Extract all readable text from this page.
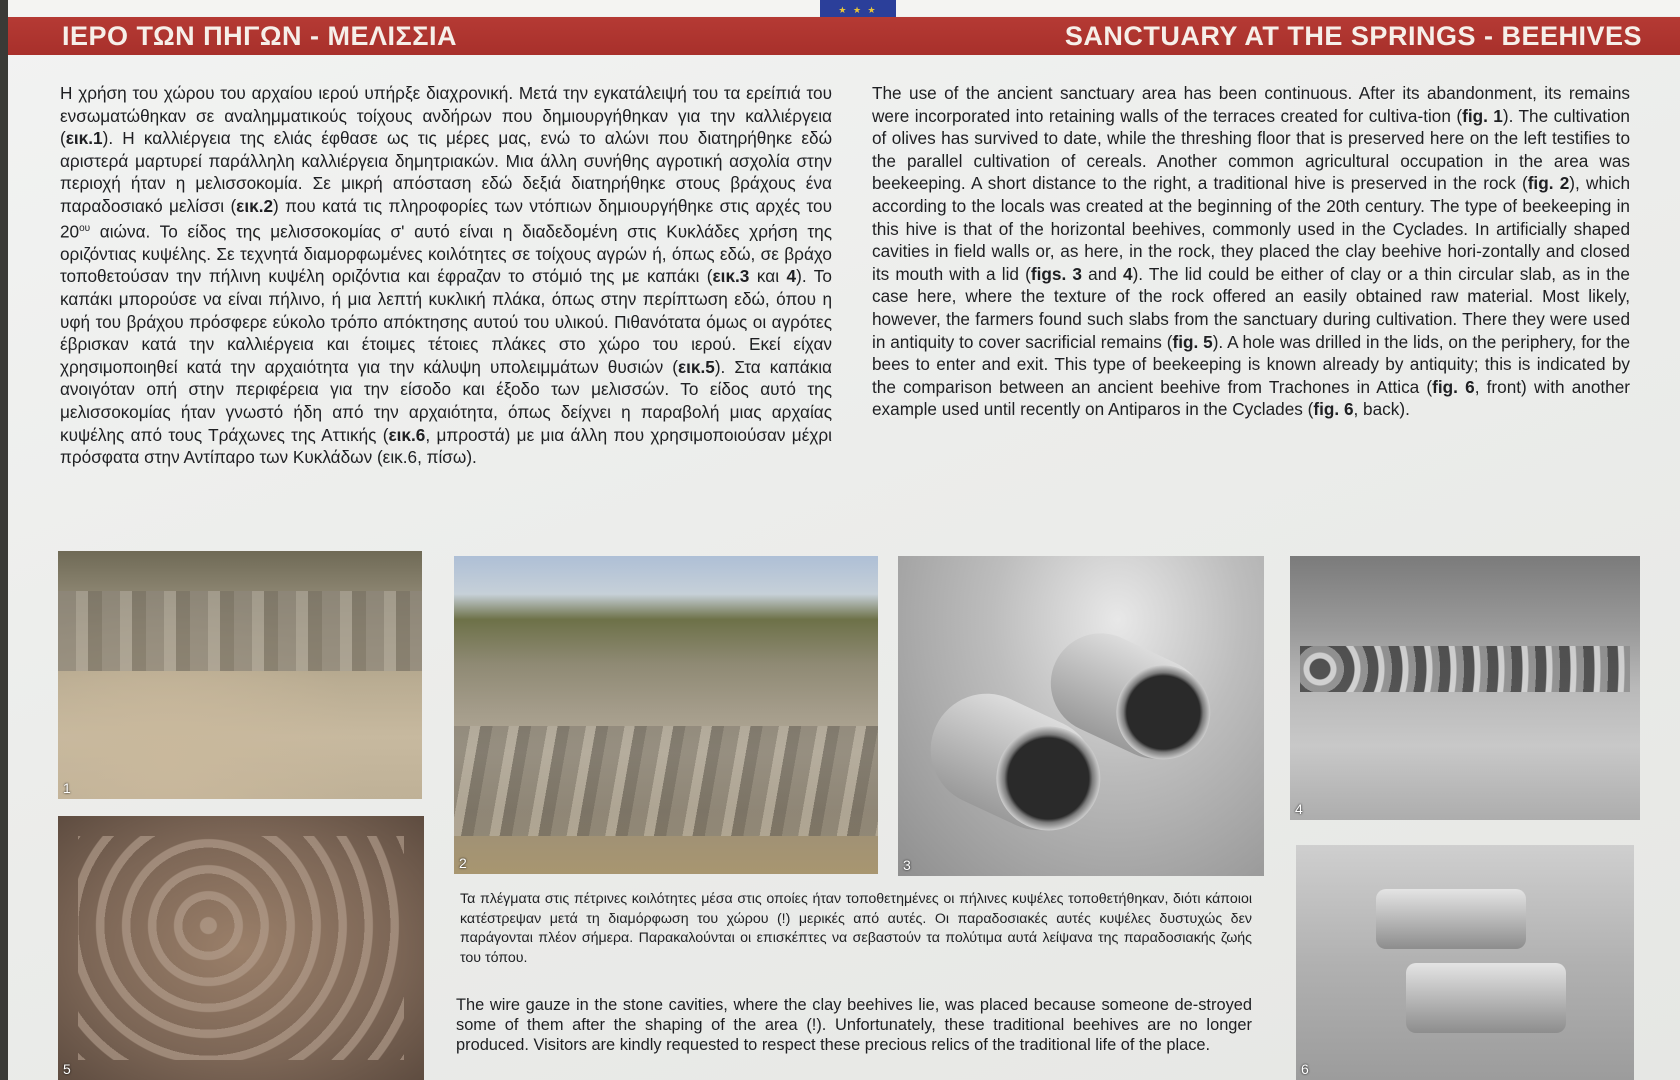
★ ★ ★
ΙΕΡΟ ΤΩΝ ΠΗΓΩΝ - ΜΕΛΙΣΣΙΑ	SANCTUARY AT THE SPRINGS - BEEHIVES

Η χρήση του χώρου του αρχαίου ιερού υπήρξε διαχρονική. Μετά την εγκατάλειψή του τα ερείπιά του ενσωματώθηκαν σε αναλημματικούς τοίχους ανδήρων που δημιουργήθηκαν για την καλλιέργεια (εικ.1). Η καλλιέργεια της ελιάς έφθασε ως τις μέρες μας, ενώ το αλώνι που διατηρήθηκε εδώ αριστερά μαρτυρεί παράλληλη καλλιέργεια δημητριακών. Μια άλλη συνήθης αγροτική ασχολία στην περιοχή ήταν η μελισσοκομία. Σε μικρή απόσταση εδώ δεξιά διατηρήθηκε στους βράχους ένα παραδοσιακό μελίσσι (εικ.2) που κατά τις πληροφορίες των ντόπιων δημιουργήθηκε στις αρχές του $20^{o\upsilon}$ αιώνα. Το είδος της μελισσοκομίας σ' αυτό είναι η διαδεδομένη στις Κυκλάδες χρήση της οριζόντιας κυψέλης. Σε τεχνητά διαμορφωμένες κοιλότητες σε τοίχους αγρών ή, όπως εδώ, σε βράχο τοποθετούσαν την πήλινη κυψέλη οριζόντια και έφραζαν το στόμιό της με καπάκι (εικ.3 και 4). Το καπάκι μπορούσε να είναι πήλινο, ή μια λεπτή κυκλική πλάκα, όπως στην περίπτωση εδώ, όπου η υφή του βράχου πρόσφερε εύκολο τρόπο απόκτησης αυτού του υλικού. Πιθανότατα όμως οι αγρότες έβρισκαν κατά την καλλιέργεια και έτοιμες τέτοιες πλάκες στο χώρο του ιερού. Εκεί είχαν χρησιμοποιηθεί κατά την αρχαιότητα για την κάλυψη υπολειμμάτων θυσιών (εικ.5). Στα καπάκια ανοιγόταν οπή στην περιφέρεια για την είσοδο και έξοδο των μελισσών. Το είδος αυτό της μελισσοκομίας ήταν γνωστό ήδη από την αρχαιότητα, όπως δείχνει η παραβολή μιας αρχαίας κυψέλης από τους Τράχωνες της Αττικής (εικ.6, μπροστά) με μια άλλη που χρησιμοποιούσαν μέχρι πρόσφατα στην Αντίπαρο των Κυκλάδων (εικ.6, πίσω).

The use of the ancient sanctuary area has been continuous. After its abandonment, its remains were incorporated into retaining walls of the terraces created for cultiva-tion (fig. 1). The cultivation of olives has survived to date, while the threshing floor that is preserved here on the left testifies to the parallel cultivation of cereals. Another common agricultural occupation in the area was beekeeping. A short distance to the right, a traditional hive is preserved in the rock (fig. 2), which according to the locals was created at the beginning of the 20th century. The type of beekeeping in this hive is that of the horizontal beehives, commonly used in the Cyclades. In artificially shaped cavities in field walls or, as here, in the rock, they placed the clay beehive hori-zontally and closed its mouth with a lid (figs. 3 and 4). The lid could be either of clay or a thin circular slab, as in the case here, where the texture of the rock offered an easily obtained raw material. Most likely, however, the farmers found such slabs from the sanctuary during cultivation. There they were used in antiquity to cover sacrificial remains (fig. 5). A hole was drilled in the lids, on the periphery, for the bees to enter and exit. This type of beekeeping is known already by antiquity; this is indicated by the comparison between an ancient beehive from Trachones in Attica (fig. 6, front) with another example used until recently on Antiparos in the Cyclades (fig. 6, back).

1
2	3
4
5	6

Τα πλέγματα στις πέτρινες κοιλότητες μέσα στις οποίες ήταν τοποθετημένες οι πήλινες κυψέλες τοποθετήθηκαν, διότι κάποιοι κατέστρεψαν μετά τη διαμόρφωση του χώρου (!) μερικές από αυτές. Οι παραδοσιακές αυτές κυψέλες δυστυχώς δεν παράγονται πλέον σήμερα. Παρακαλούνται οι επισκέπτες να σεβαστούν τα πολύτιμα αυτά λείψανα της παραδοσιακής ζωής του τόπου.

The wire gauze in the stone cavities, where the clay beehives lie, was placed because someone de-stroyed some of them after the shaping of the area (!). Unfortunately, these traditional beehives are no longer produced. Visitors are kindly requested to respect these precious relics of the traditional life of the place.
